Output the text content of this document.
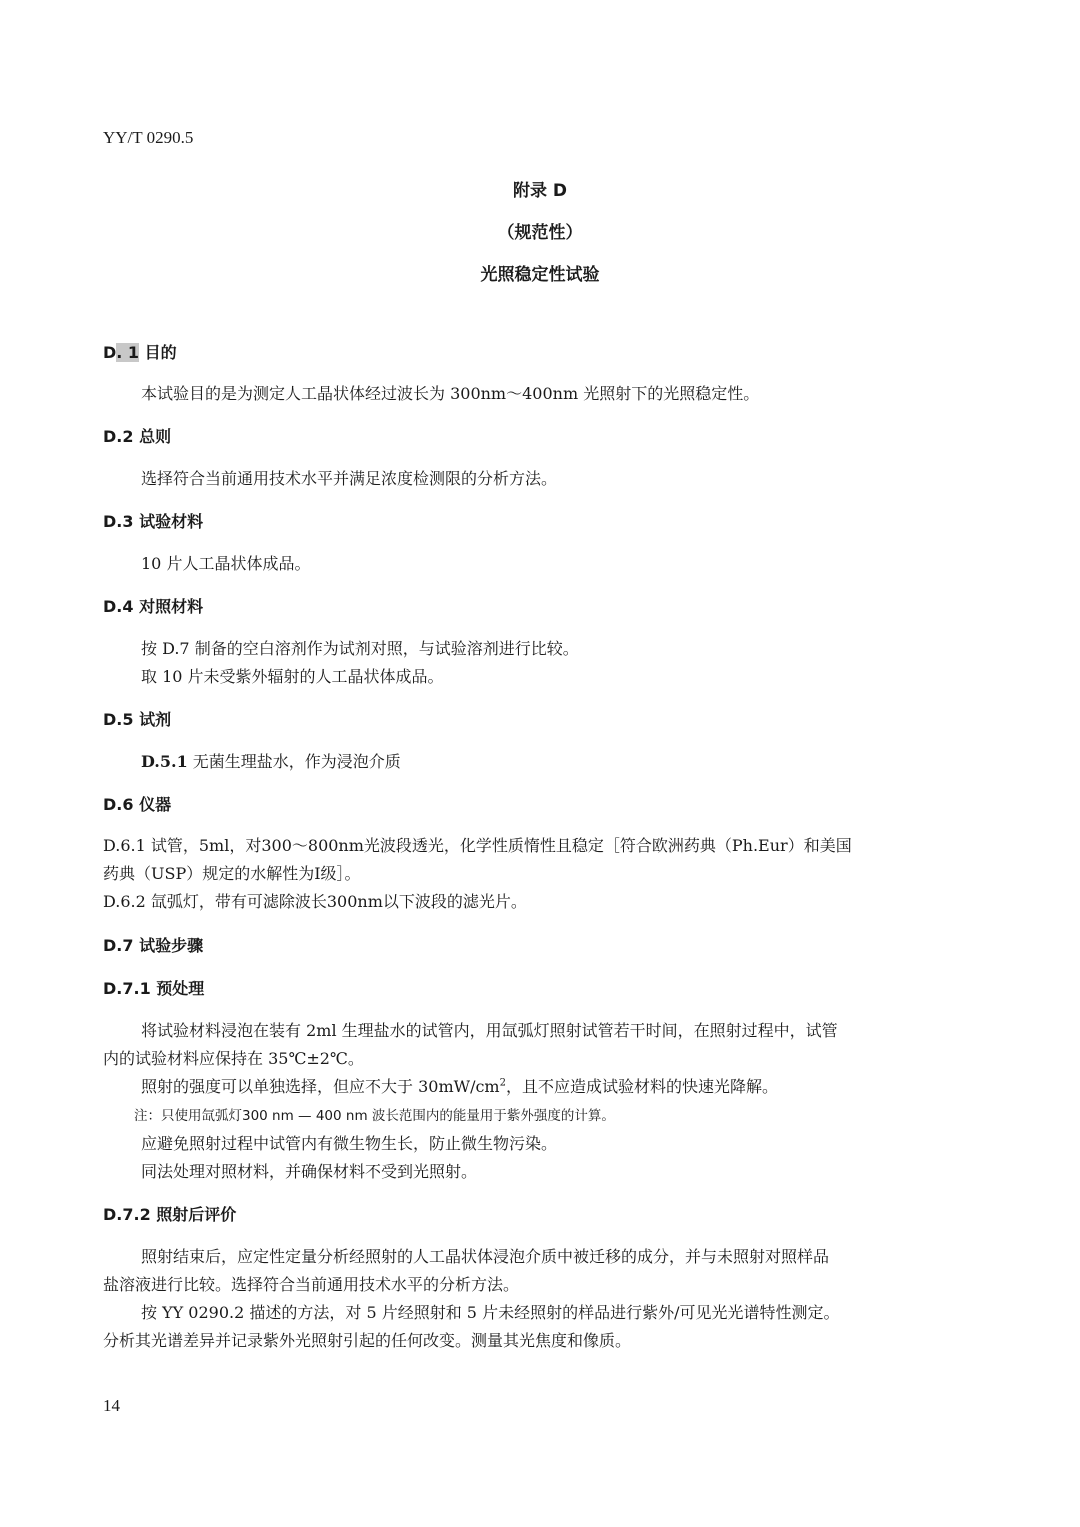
YY/T 0290.5
附录 D
（规范性）
光照稳定性试验
D. 1 目的
本试验目的是为测定人工晶状体经过波长为 300nm～400nm 光照射下的光照稳定性。
D.2 总则
选择符合当前通用技术水平并满足浓度检测限的分析方法。
D.3 试验材料
10 片人工晶状体成品。
D.4 对照材料
按 D.7 制备的空白溶剂作为试剂对照，与试验溶剂进行比较。
取 10 片未受紫外辐射的人工晶状体成品。
D.5 试剂
D.5.1 无菌生理盐水，作为浸泡介质
D.6 仪器
D.6.1 试管，5ml，对300～800nm光波段透光，化学性质惰性且稳定［符合欧洲药典（Ph.Eur）和美国
药典（USP）规定的水解性为I级］。
D.6.2 氙弧灯，带有可滤除波长300nm以下波段的滤光片。
D.7 试验步骤
D.7.1 预处理
将试验材料浸泡在装有 2ml 生理盐水的试管内，用氙弧灯照射试管若干时间，在照射过程中，试管
内的试验材料应保持在 35℃±2℃。
照射的强度可以单独选择，但应不大于 $30mW/cm^2$，且不应造成试验材料的快速光降解。
注：只使用氙弧灯300 nm — 400 nm 波长范围内的能量用于紫外强度的计算。
应避免照射过程中试管内有微生物生长，防止微生物污染。
同法处理对照材料，并确保材料不受到光照射。
D.7.2 照射后评价
照射结束后，应定性定量分析经照射的人工晶状体浸泡介质中被迁移的成分，并与未照射对照样品
盐溶液进行比较。选择符合当前通用技术水平的分析方法。
按 YY 0290.2 描述的方法，对 5 片经照射和 5 片未经照射的样品进行紫外/可见光光谱特性测定。
分析其光谱差异并记录紫外光照射引起的任何改变。测量其光焦度和像质。
14
